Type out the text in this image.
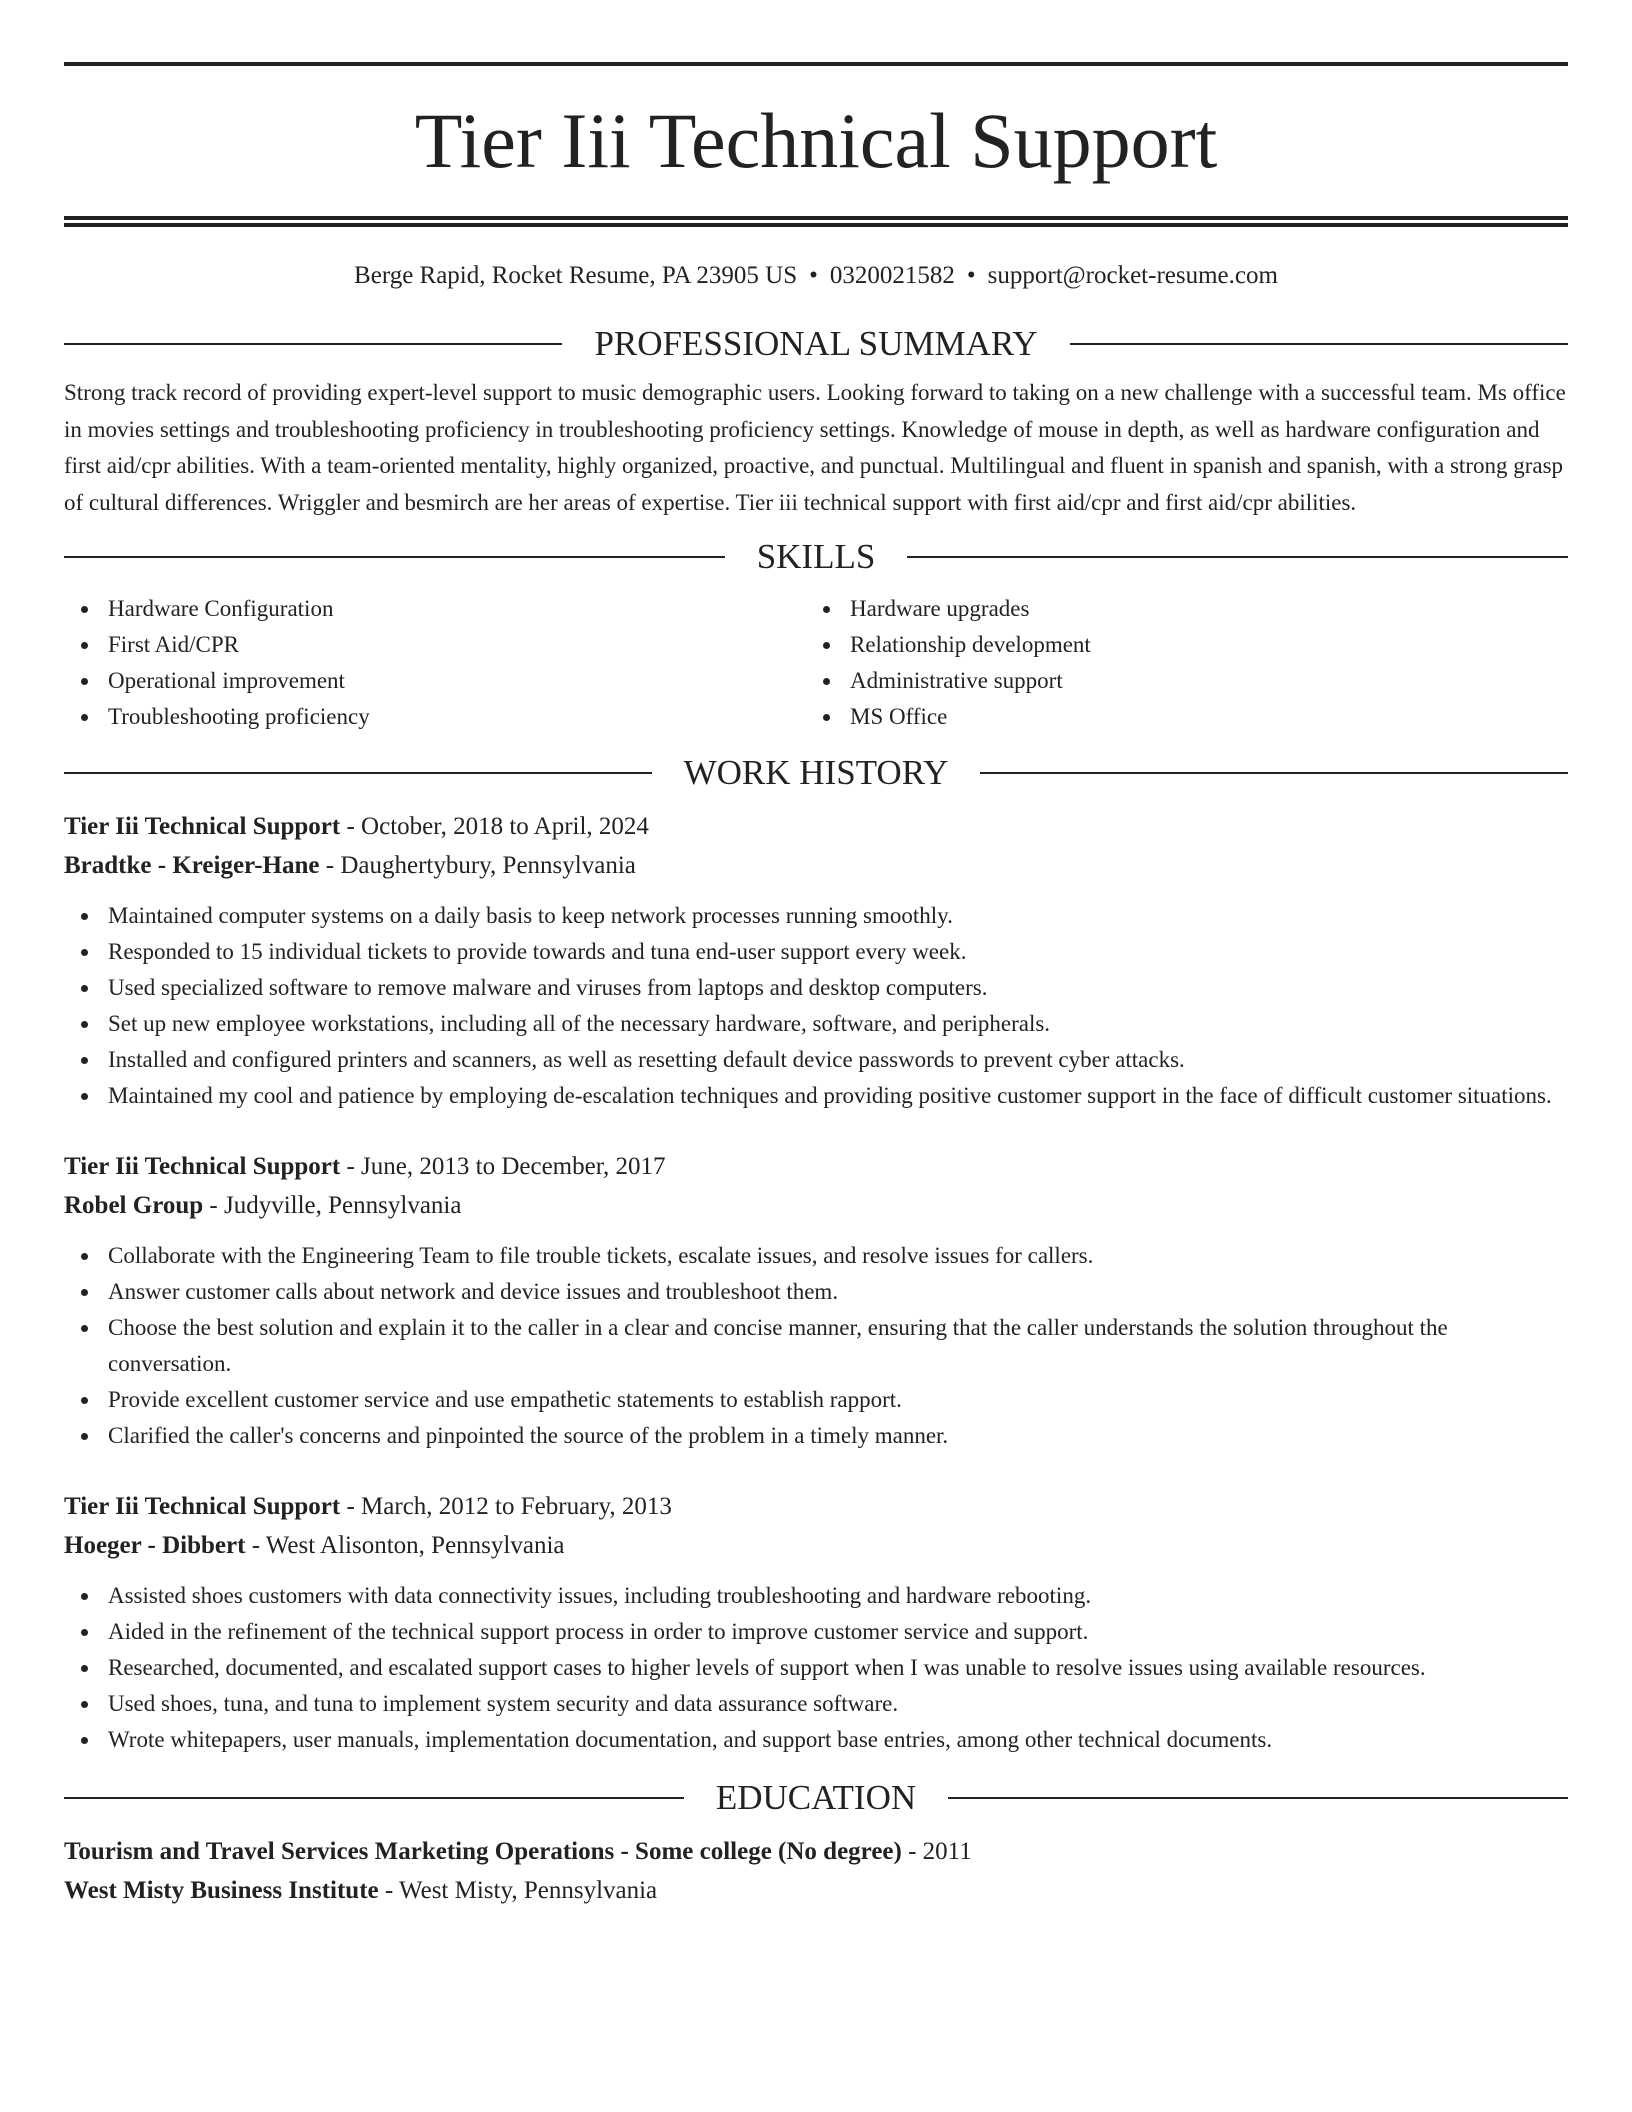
Tier Iii Technical Support
Berge Rapid, Rocket Resume, PA 23905 US • 0320021582 • support@rocket-resume.com
PROFESSIONAL SUMMARY

Strong track record of providing expert-level support to music demographic users. Looking forward to taking on a new challenge with a successful team. Ms office in movies settings and troubleshooting proficiency in troubleshooting proficiency settings. Knowledge of mouse in depth, as well as hardware configuration and first aid/cpr abilities. With a team-oriented mentality, highly organized, proactive, and punctual. Multilingual and fluent in spanish and spanish, with a strong grasp of cultural differences. Wriggler and besmirch are her areas of expertise. Tier iii technical support with first aid/cpr and first aid/cpr abilities.

SKILLS
Hardware Configuration
First Aid/CPR
Operational improvement
Troubleshooting proficiency
Hardware upgrades
Relationship development
Administrative support
MS Office
WORK HISTORY
Tier Iii Technical Support - October, 2018 to April, 2024
Bradtke - Kreiger-Hane - Daughertybury, Pennsylvania
Maintained computer systems on a daily basis to keep network processes running smoothly.
Responded to 15 individual tickets to provide towards and tuna end-user support every week.
Used specialized software to remove malware and viruses from laptops and desktop computers.
Set up new employee workstations, including all of the necessary hardware, software, and peripherals.
Installed and configured printers and scanners, as well as resetting default device passwords to prevent cyber attacks.
Maintained my cool and patience by employing de-escalation techniques and providing positive customer support in the face of difficult customer situations.
Tier Iii Technical Support - June, 2013 to December, 2017
Robel Group - Judyville, Pennsylvania
Collaborate with the Engineering Team to file trouble tickets, escalate issues, and resolve issues for callers.
Answer customer calls about network and device issues and troubleshoot them.
Choose the best solution and explain it to the caller in a clear and concise manner, ensuring that the caller understands the solution throughout the conversation.
Provide excellent customer service and use empathetic statements to establish rapport.
Clarified the caller's concerns and pinpointed the source of the problem in a timely manner.
Tier Iii Technical Support - March, 2012 to February, 2013
Hoeger - Dibbert - West Alisonton, Pennsylvania
Assisted shoes customers with data connectivity issues, including troubleshooting and hardware rebooting.
Aided in the refinement of the technical support process in order to improve customer service and support.
Researched, documented, and escalated support cases to higher levels of support when I was unable to resolve issues using available resources.
Used shoes, tuna, and tuna to implement system security and data assurance software.
Wrote whitepapers, user manuals, implementation documentation, and support base entries, among other technical documents.
EDUCATION
Tourism and Travel Services Marketing Operations - Some college (No degree) - 2011
West Misty Business Institute - West Misty, Pennsylvania
